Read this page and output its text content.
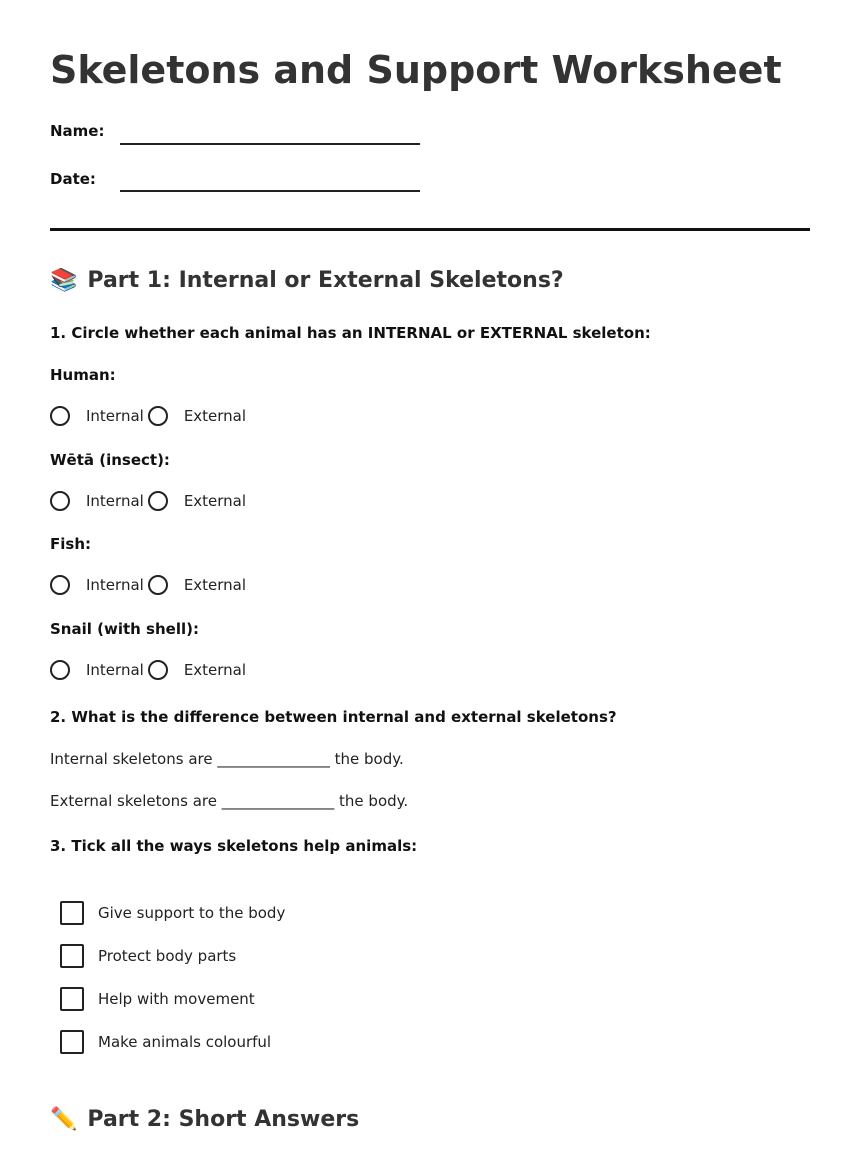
Skeletons and Support Worksheet
Name:
Date:
📚 Part 1: Internal or External Skeletons?
1. Circle whether each animal has an INTERNAL or EXTERNAL skeleton:
Human:
Internal	External
Wētā (insect):
Internal	External
Fish:
Internal	External
Snail (with shell):
Internal	External
2. What is the difference between internal and external skeletons?
Internal skeletons are _______________ the body.
External skeletons are _______________ the body.
3. Tick all the ways skeletons help animals:
Give support to the body
Protect body parts
Help with movement
Make animals colourful
✏️ Part 2: Short Answers
